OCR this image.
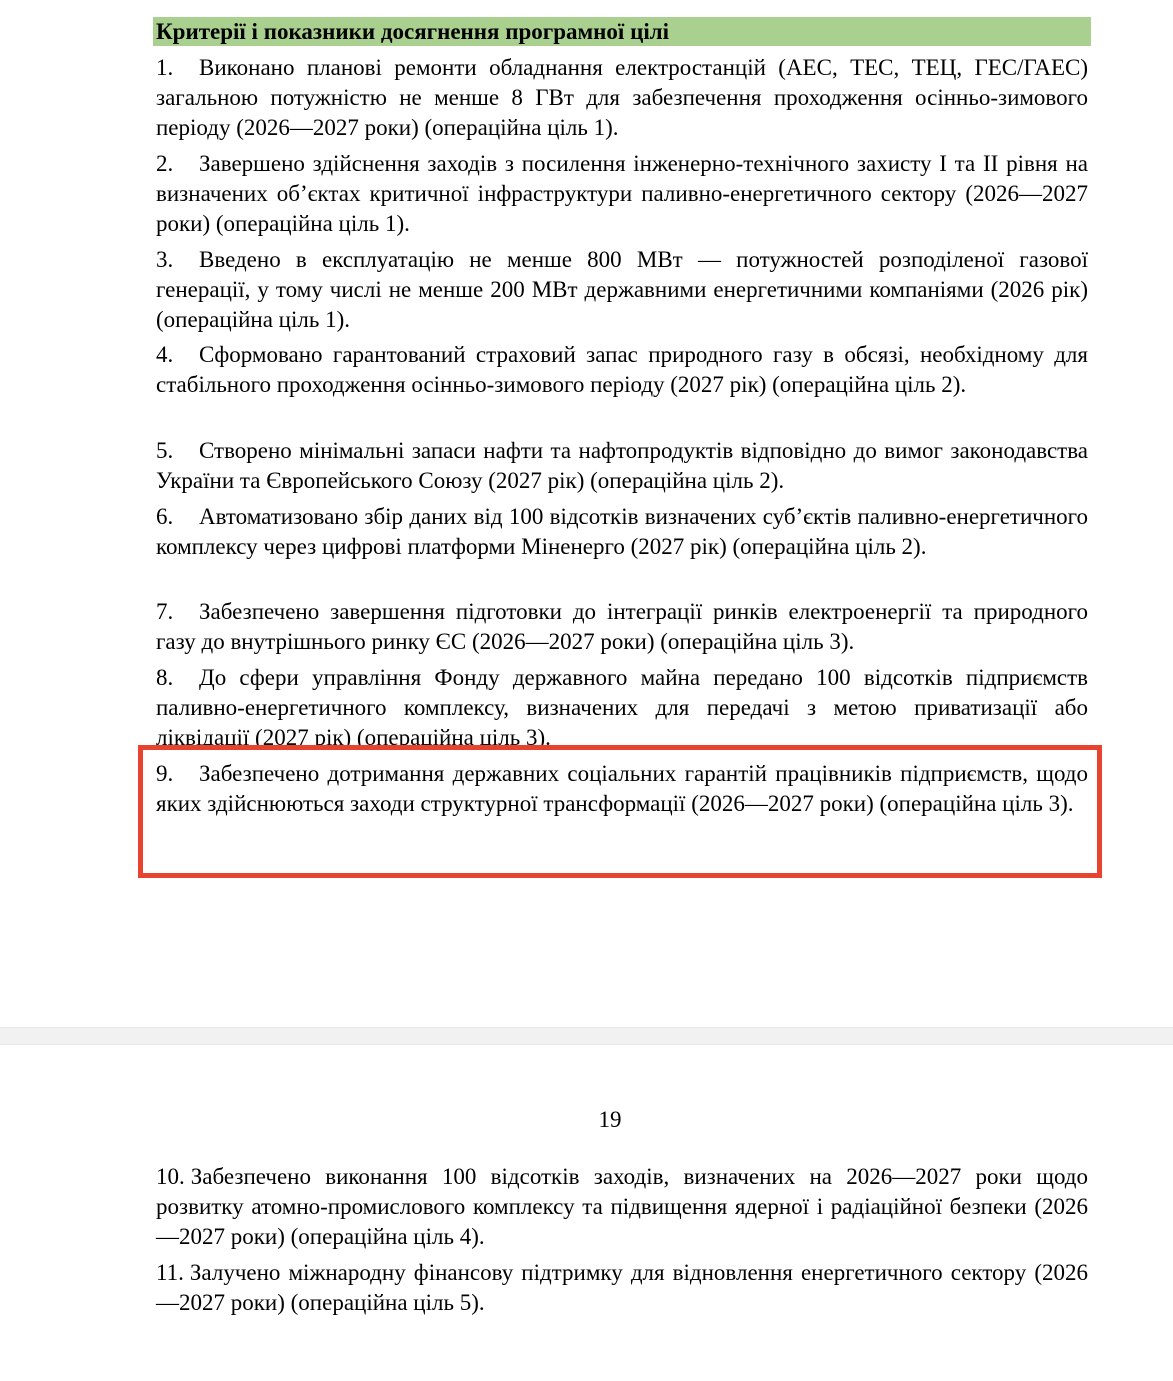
Критерії і показники досягнення програмної цілі

1. Виконано планові ремонти обладнання електростанцій (АЕС, ТЕС, ТЕЦ, ГЕС/ГАЕС) загальною потужністю не менше 8 ГВт для забезпечення проходження осінньо-зимового періоду (2026—2027 роки) (операційна ціль 1).

2. Завершено здійснення заходів з посилення інженерно-технічного захисту I та II рівня на визначених об’єктах критичної інфраструктури паливно-енергетичного сектору (2026—2027 роки) (операційна ціль 1).

3. Введено в експлуатацію не менше 800 МВт — потужностей розподіленої газової генерації, у тому числі не менше 200 МВт державними енергетичними компаніями (2026 рік) (операційна ціль 1).

4. Сформовано гарантований страховий запас природного газу в обсязі, необхідному для стабільного проходження осінньо-зимового періоду (2027 рік) (операційна ціль 2).

5. Створено мінімальні запаси нафти та нафтопродуктів відповідно до вимог законодавства України та Європейського Союзу (2027 рік) (операційна ціль 2).

6. Автоматизовано збір даних від 100 відсотків визначених суб’єктів паливно-енергетичного комплексу через цифрові платформи Міненерго (2027 рік) (операційна ціль 2).

7. Забезпечено завершення підготовки до інтеграції ринків електроенергії та природного газу до внутрішнього ринку ЄС (2026—2027 роки) (операційна ціль 3).

8. До сфери управління Фонду державного майна передано 100 відсотків підприємств паливно-енергетичного комплексу, визначених для передачі з метою приватизації або ліквідації (2027 рік) (операційна ціль 3).

9. Забезпечено дотримання державних соціальних гарантій працівників підприємств, щодо яких здійснюються заходи структурної трансформації (2026—2027 роки) (операційна ціль 3).

19

10. Забезпечено виконання 100 відсотків заходів, визначених на 2026—2027 роки щодо розвитку атомно-промислового комплексу та підвищення ядерної і радіаційної безпеки (2026—2027 роки) (операційна ціль 4).

11. Залучено міжнародну фінансову підтримку для відновлення енергетичного сектору (2026—2027 роки) (операційна ціль 5).
